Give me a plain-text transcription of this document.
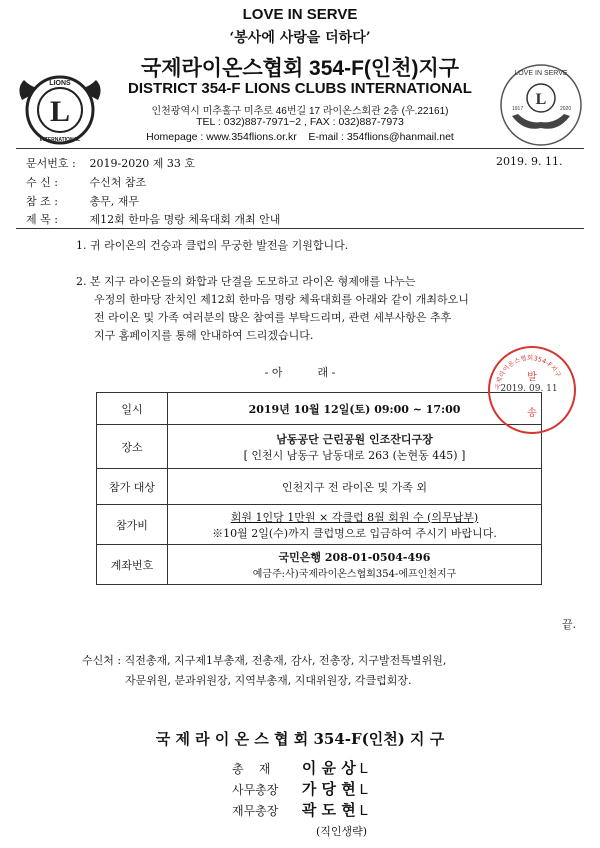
LOVE IN SERVE
‘봉사에 사랑을 더하다’
L
LIONS
INTERNATIONAL
L
LOVE IN SERVE
1917	2020
국제라이온스협회 354-F(인천)지구
DISTRICT 354-F LIONS CLUBS INTERNATIONAL
인천광역시 미추홀구 미추로 46번길 17 라이온스회관 2층 (우.22161)
TEL : 032)887-7971~2 , FAX : 032)887-7973
Homepage : www.354flions.or.kr E-mail : 354flions@hanmail.net
문서번호 : 2019-2020 제 33 호	2019. 9. 11.
수 신 :	수신처 참조
참 조 :	총무, 재무
제 목 :	제12회 한마음 명랑 체육대회 개최 안내
1. 귀 라이온의 건승과 클럽의 무궁한 발전을 기원합니다.
2. 본 지구 라이온들의 화합과 단결을 도모하고 라이온 형제애를 나누는
우정의 한마당 잔치인 제12회 한마음 명랑 체육대회를 아래와 같이 개최하오니
전 라이온 및 가족 여러분의 많은 참여를 부탁드리며, 관련 세부사항은 추후
지구 홈페이지를 통해 안내하여 드리겠습니다.
- 아          래 -
일시	2019년 10월 12일(토) 09:00 ~ 17:00
장소	남동공단 근린공원 인조잔디구장
[ 인천시 남동구 남동대로 263 (논현동 445) ]

참가 대상	인천지구 전 라이온 및 가족 외
참가비	회원 1인당 1만원 × 각클럽 8월 회원 수 (의무납부)
※10월 2일(수)까지 클럽명으로 입금하여 주시기 바랍니다.

계좌번호	국민은행 208-01-0504-496
예금주:사)국제라이온스협회354-에프인천지구
국제라이온스협회354-F지구
발
2019. 09. 11
송
끝.
수신처 : 직전총재, 지구제1부총재, 전총재, 감사, 전총장, 지구발전특별위원,
자문위원, 분과위원장, 지역부총재, 지대위원장, 각클럽회장.
국 제 라 이 온 스 협 회 354-F(인천) 지 구
총    재 이 윤 상 L
사무총장 가 당 현 L
재무총장 곽 도 현 L
(직인생략)
